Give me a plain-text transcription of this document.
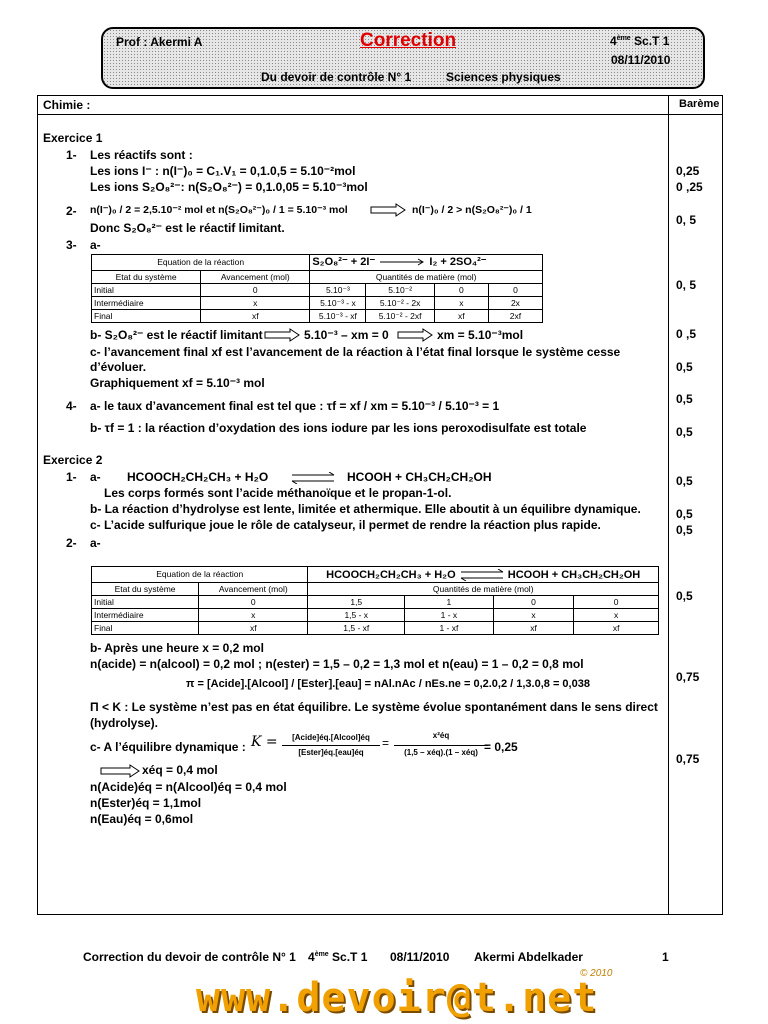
Prof : Akermi A	Correction	4ème Sc.T 1
08/11/2010
Du devoir de contrôle N° 1	Sciences physiques
Chimie :	Barème
Exercice 1
1- Les réactifs sont :
Les ions I⁻ : n(I⁻)₀ = C₁.V₁ = 0,1.0,5 = 5.10⁻²mol
Les ions S₂O₈²⁻: n(S₂O₈²⁻) = 0,1.0,05 = 5.10⁻³mol
2- n(I⁻)₀ / 2 = 2,5.10⁻² mol et n(S₂O₈²⁻)₀ / 1 = 5.10⁻³ mol	n(I⁻)₀ / 2 > n(S₂O₈²⁻)₀ / 1
Donc S₂O₈²⁻ est le réactif limitant.
3- a-
Equation de la réaction		S₂O₈²⁻ + 2I⁻ I₂ + 2SO₄²⁻			
Etat du système	Avancement (mol)	Quantités de matière (mol)			
Initial	0	5.10⁻³	5.10⁻²	0	0
Intermédiaire	x	5.10⁻³ - x	5.10⁻² - 2x	x	2x
Final	xf	5.10⁻³ - xf	5.10⁻² - 2xf	xf	2xf
b- S₂O₈²⁻ est le réactif limitant	5.10⁻³ – xm = 0	xm = 5.10⁻³mol
c- l’avancement final xf est l’avancement de la réaction à l’état final lorsque le système cesse
d’évoluer.
Graphiquement xf = 5.10⁻³ mol
4- a- le taux d’avancement final est tel que : τf = xf / xm = 5.10⁻³ / 5.10⁻³ = 1
b- τf = 1 : la réaction d’oxydation des ions iodure par les ions peroxodisulfate est totale
Exercice 2
1- a- HCOOCH₂CH₂CH₃ + H₂O ⇌ HCOOH + CH₃CH₂CH₂OH
Les corps formés sont l’acide méthanoïque et le propan-1-ol.
b- La réaction d’hydrolyse est lente, limitée et athermique. Elle aboutit à un équilibre dynamique.
c- L’acide sulfurique joue le rôle de catalyseur, il permet de rendre la réaction plus rapide.
2- a-
Equation de la réaction		HCOOCH₂CH₂CH₃ + H₂O HCOOH + CH₃CH₂CH₂OH			
Etat du système	Avancement (mol)	Quantités de matière (mol)			
Initial	0	1,5	1	0	0
Intermédiaire	x	1,5 - x	1 - x	x	x
Final	xf	1,5 - xf	1 - xf	xf	xf
b- Après une heure x = 0,2 mol
n(acide) = n(alcool) = 0,2 mol ; n(ester) = 1,5 – 0,2 = 1,3 mol et n(eau) = 1 – 0,2 = 0,8 mol
π = [Acide].[Alcool] / [Ester].[eau] = nAl.nAc / nEs.ne = 0,2.0,2 / 1,3.0,8 = 0,038
Π < K : Le système n’est pas en état équilibre. Le système évolue spontanément dans le sens direct
(hydrolyse).
c- A l’équilibre dynamique : K =	[Acide]éq.[Alcool]éq
[Ester]éq.[eau]éq
=
x²éq
(1,5 – xéq).(1 – xéq) = 0,25
xéq = 0,4 mol
n(Acide)éq = n(Alcool)éq = 0,4 mol
n(Ester)éq = 1,1mol
n(Eau)éq = 0,6mol
0,25
0 ,25
0, 5
0, 5
0 ,5
0,5
0,5
0,5
0,5
0,5
0,5
0,5
0,75
0,75
Correction du devoir de contrôle N° 1 4ème Sc.T 1 08/11/2010 Akermi Abdelkader	1
www.devoir@t.net
© 2010
